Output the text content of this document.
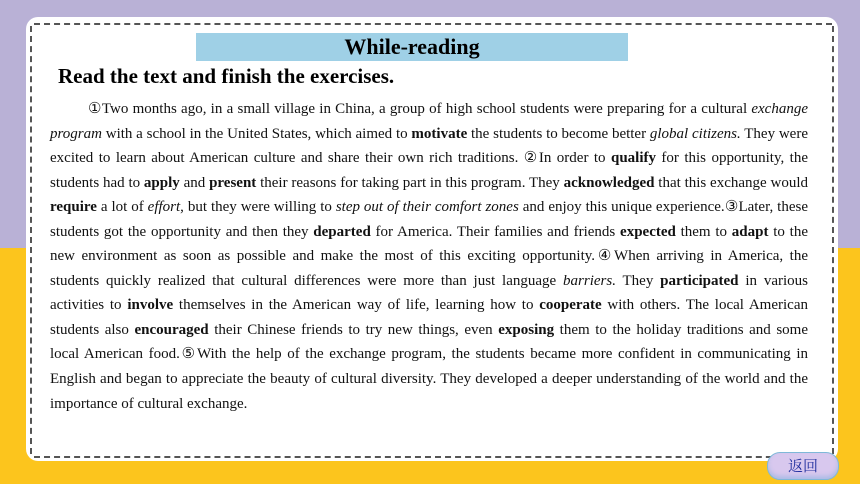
While-reading
Read the text and finish the exercises.

①Two months ago, in a small village in China, a group of high school students were preparing for a cultural exchange program with a school in the United States, which aimed to motivate the students to become better global citizens. They were excited to learn about American culture and share their own rich traditions. ②In order to qualify for this opportunity, the students had to apply and present their reasons for taking part in this program. They acknowledged that this exchange would require a lot of effort, but they were willing to step out of their comfort zones and enjoy this unique experience.③Later, these students got the opportunity and then they departed for America. Their families and friends expected them to adapt to the new environment as soon as possible and make the most of this exciting opportunity.④When arriving in America, the students quickly realized that cultural differences were more than just language barriers. They participated in various activities to involve themselves in the American way of life, learning how to cooperate with others. The local American students also encouraged their Chinese friends to try new things, even exposing them to the holiday traditions and some local American food.⑤With the help of the exchange program, the students became more confident in communicating in English and began to appreciate the beauty of cultural diversity. They developed a deeper understanding of the world and the importance of cultural exchange.

返回
